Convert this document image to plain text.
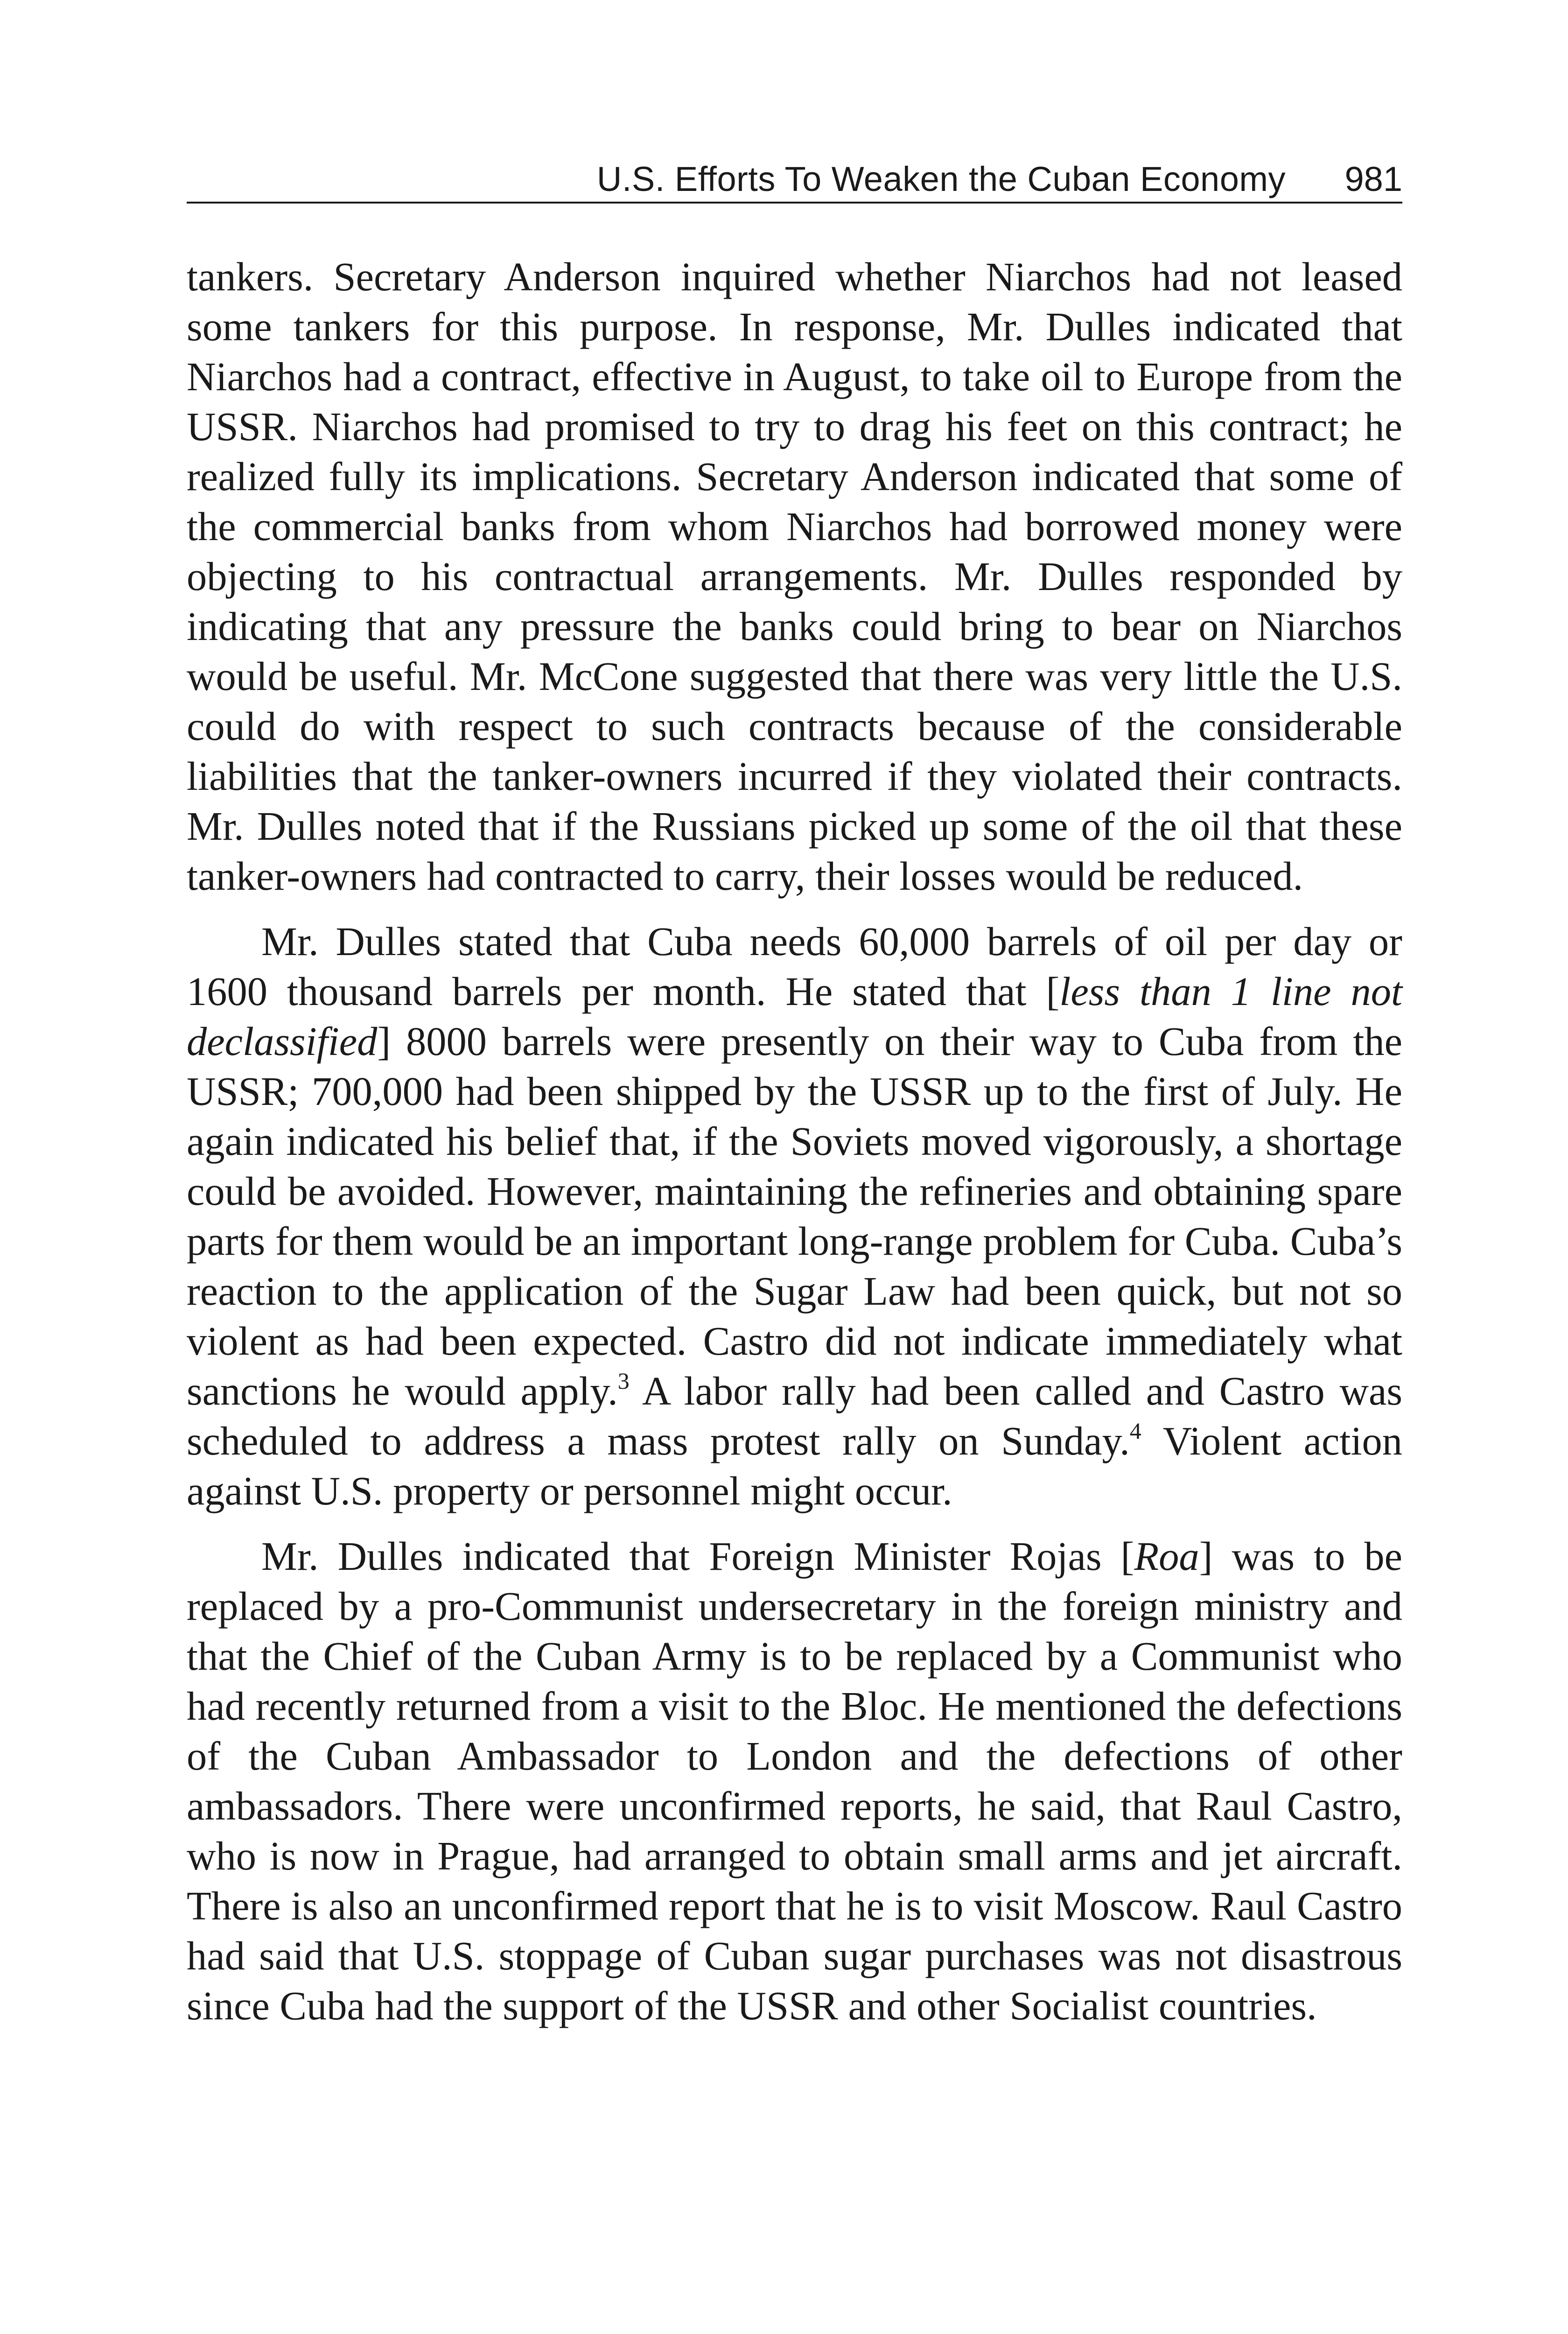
U.S. Efforts To Weaken the Cuban Economy 981

tankers. Secretary Anderson inquired whether Niarchos had not leased some tankers for this purpose. In response, Mr. Dulles indicated that Niarchos had a contract, effective in August, to take oil to Europe from the USSR. Niarchos had promised to try to drag his feet on this contract; he realized fully its implications. Secretary Anderson indicated that some of the commercial banks from whom Niarchos had borrowed money were objecting to his contractual arrangements. Mr. Dulles responded by indicating that any pressure the banks could bring to bear on Niarchos would be useful. Mr. McCone suggested that there was very little the U.S. could do with respect to such contracts because of the considerable liabilities that the tanker-owners incurred if they violated their contracts. Mr. Dulles noted that if the Russians picked up some of the oil that these tanker-owners had contracted to carry, their losses would be reduced.

Mr. Dulles stated that Cuba needs 60,000 barrels of oil per day or 1600 thousand barrels per month. He stated that [less than 1 line not declassified] 8000 barrels were presently on their way to Cuba from the USSR; 700,000 had been shipped by the USSR up to the first of July. He again indicated his belief that, if the Soviets moved vigorously, a shortage could be avoided. However, maintaining the refineries and obtaining spare parts for them would be an important long-range problem for Cuba. Cuba’s reaction to the application of the Sugar Law had been quick, but not so violent as had been expected. Castro did not indicate immediately what sanctions he would apply.$^3$ A labor rally had been called and Castro was scheduled to address a mass protest rally on Sunday.$^4$ Violent action against U.S. property or personnel might occur.

Mr. Dulles indicated that Foreign Minister Rojas [Roa] was to be replaced by a pro-Communist undersecretary in the foreign ministry and that the Chief of the Cuban Army is to be replaced by a Communist who had recently returned from a visit to the Bloc. He mentioned the defections of the Cuban Ambassador to London and the defections of other ambassadors. There were unconfirmed reports, he said, that Raul Castro, who is now in Prague, had arranged to obtain small arms and jet aircraft. There is also an unconfirmed report that he is to visit Moscow. Raul Castro had said that U.S. stoppage of Cuban sugar purchases was not disastrous since Cuba had the support of the USSR and other Socialist countries.
